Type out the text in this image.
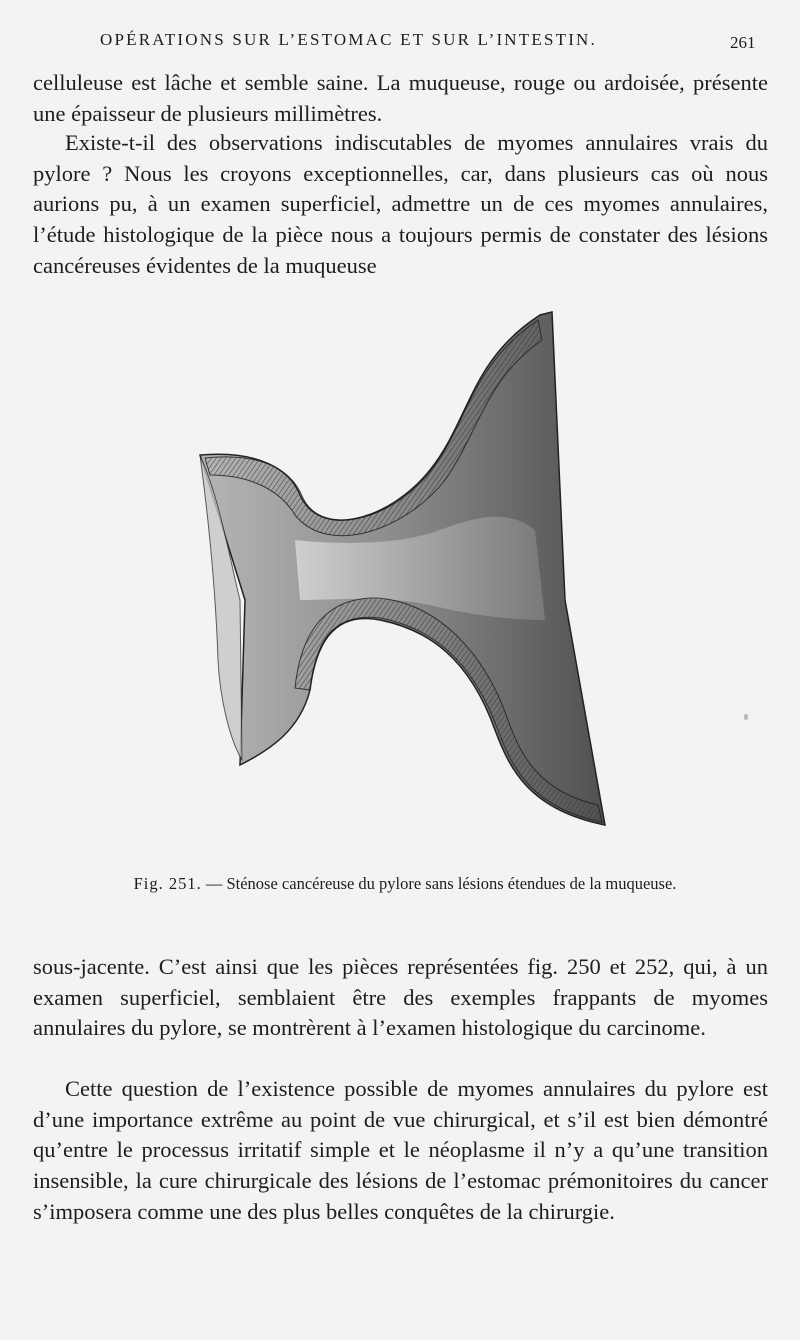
OPÉRATIONS SUR L’ESTOMAC ET SUR L’INTESTIN.	261

celluleuse est lâche et semble saine. La muqueuse, rouge ou ardoisée, présente une épaisseur de plusieurs millimètres.

Existe-t-il des observations indiscutables de myomes annulaires vrais du pylore ? Nous les croyons exceptionnelles, car, dans plusieurs cas où nous aurions pu, à un examen superficiel, admettre un de ces myomes annulaires, l’étude histologique de la pièce nous a toujours permis de constater des lésions cancéreuses évidentes de la muqueuse

Fig. 251. — Sténose cancéreuse du pylore sans lésions étendues de la muqueuse.

sous-jacente. C’est ainsi que les pièces représentées fig. 250 et 252, qui, à un examen superficiel, semblaient être des exemples frappants de myomes annulaires du pylore, se montrèrent à l’examen histologique du carcinome.

Cette question de l’existence possible de myomes annulaires du pylore est d’une importance extrême au point de vue chirurgical, et s’il est bien démontré qu’entre le processus irritatif simple et le néoplasme il n’y a qu’une transition insensible, la cure chirurgicale des lésions de l’estomac prémonitoires du cancer s’imposera comme une des plus belles conquêtes de la chirurgie.
